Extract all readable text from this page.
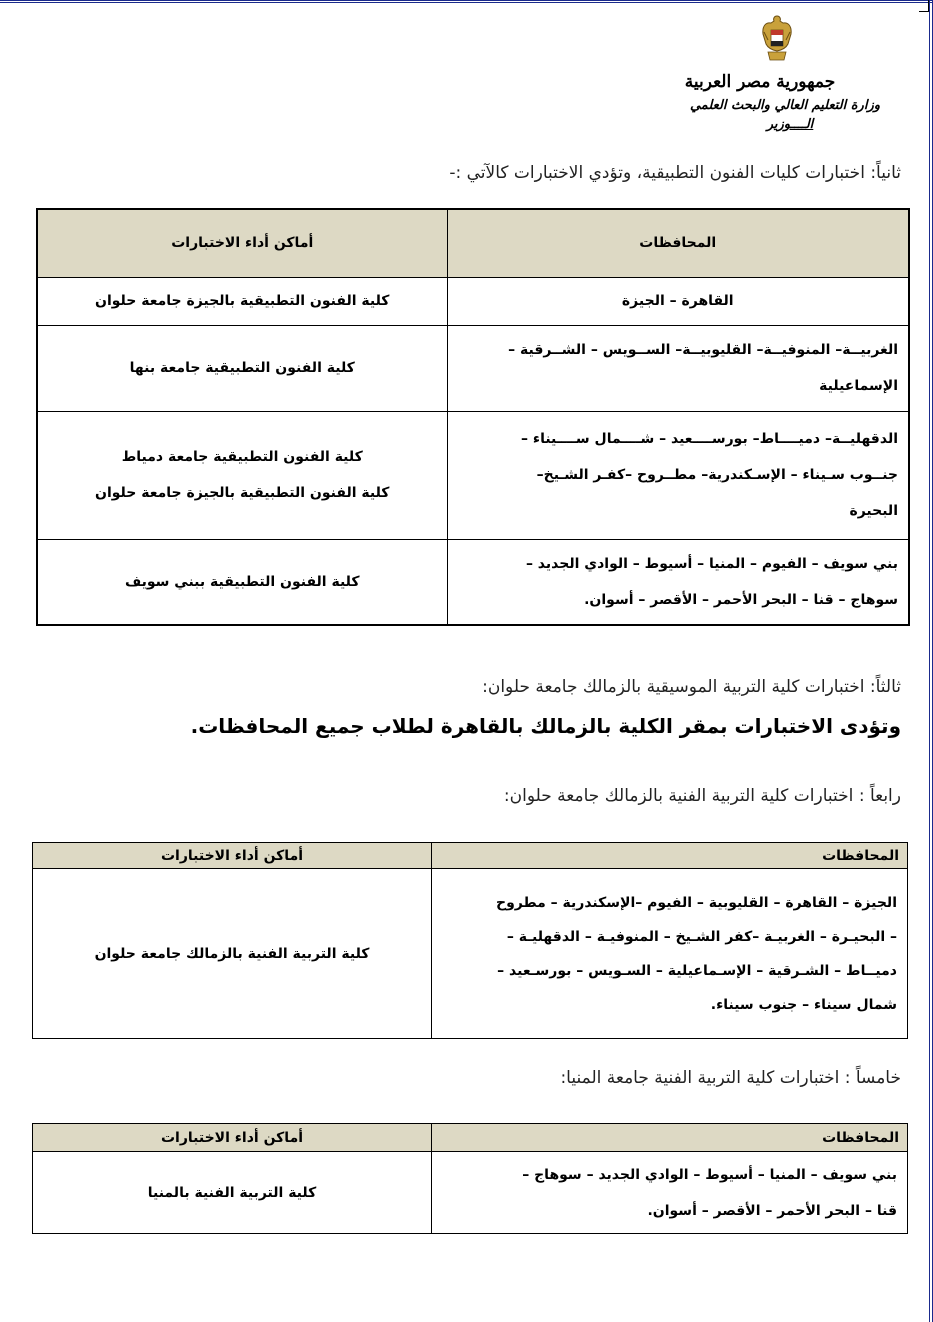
جمهورية مصر العربية
وزارة التعليم العالي والبحث العلمي
الــــوزير
ثانياً: اختبارات كليات الفنون التطبيقية، وتؤدي الاختبارات كالآتي :-
المحافظات	أماكن أداء الاختبارات

القاهرة – الجيزة	كلية الفنون التطبيقية بالجيزة جامعة حلوان

الغربيــة– المنوفيــة– القليوبيــة– الســويس – الشــرقية –
الإسماعيلية	كلية الفنون التطبيقية جامعة بنها

الدقهليــة– دميــــاط– بورســــعيد – شــــمال ســــيناء –
جنــوب سـيناء – الإسـكندرية– مطــروح –كفـر الشـيخ–
البحيرة	كلية الفنون التطبيقية جامعة دمياط
كلية الفنون التطبيقية بالجيزة جامعة حلوان

بني سويف – الفيوم – المنيا – أسيوط – الوادي الجديد –
سوهاج – قنا – البحر الأحمر – الأقصر – أسوان.	كلية الفنون التطبيقية ببني سويف
ثالثاً: اختبارات كلية التربية الموسيقية بالزمالك جامعة حلوان:
وتؤدى الاختبارات بمقر الكلية بالزمالك بالقاهرة لطلاب جميع المحافظات.
رابعاً : اختبارات كلية التربية الفنية بالزمالك جامعة حلوان:
المحافظات	أماكن أداء الاختبارات

الجيزة – القاهرة – القليوبية – الفيوم –الإسكندرية – مطروح
– البحيـرة – الغربيـة –كفر الشـيخ – المنوفيـة – الدقهليـة –
دميــاط – الشـرقية – الإسـماعيلية – السـويس – بورسـعيد –
شمال سيناء – جنوب سيناء.	كلية التربية الفنية بالزمالك جامعة حلوان
خامساً : اختبارات كلية التربية الفنية جامعة المنيا:
المحافظات	أماكن أداء الاختبارات

بني سويف – المنيا – أسيوط – الوادي الجديد – سوهاج –
قنا – البحر الأحمر – الأقصر – أسوان.	كلية التربية الفنية بالمنيا
